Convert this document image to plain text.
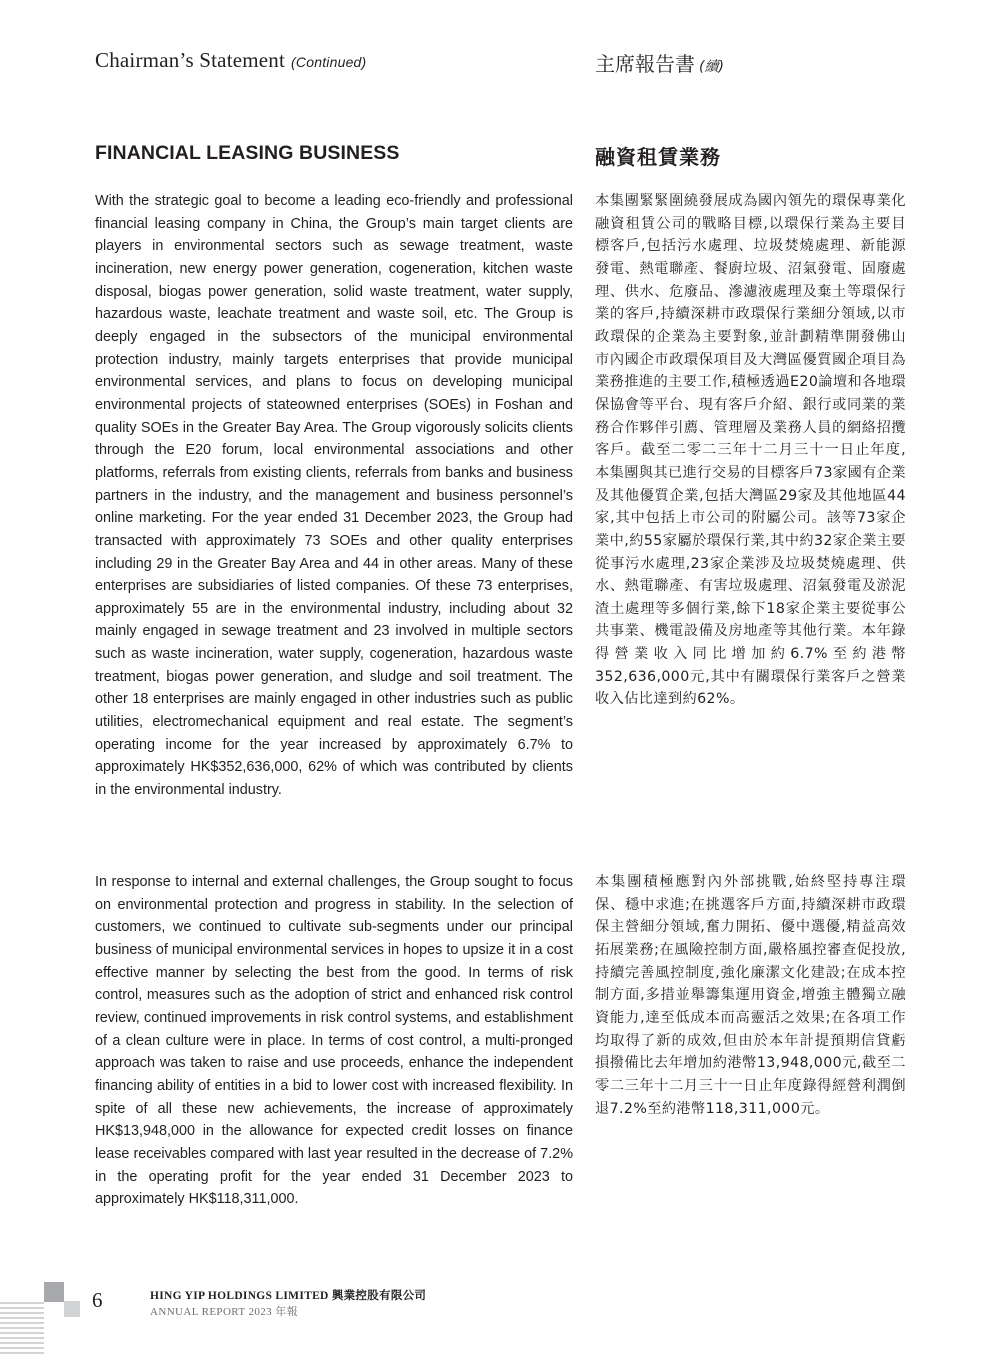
Chairman’s Statement (Continued)	主席報告書 (續)
FINANCIAL LEASING BUSINESS	融資租賃業務

With the strategic goal to become a leading eco-friendly and professional financial leasing company in China, the Group’s main target clients are players in environmental sectors such as sewage treatment, waste incineration, new energy power generation, cogeneration, kitchen waste disposal, biogas power generation, solid waste treatment, water supply, hazardous waste, leachate treatment and waste soil, etc. The Group is deeply engaged in the subsectors of the municipal environmental protection industry, mainly targets enterprises that provide municipal environmental services, and plans to focus on developing municipal environmental projects of stateowned enterprises (SOEs) in Foshan and quality SOEs in the Greater Bay Area. The Group vigorously solicits clients through the E20 forum, local environmental associations and other platforms, referrals from existing clients, referrals from banks and business partners in the industry, and the management and business personnel’s online marketing. For the year ended 31 December 2023, the Group had transacted with approximately 73 SOEs and other quality enterprises including 29 in the Greater Bay Area and 44 in other areas. Many of these enterprises are subsidiaries of listed companies. Of these 73 enterprises, approximately 55 are in the environmental industry, including about 32 mainly engaged in sewage treatment and 23 involved in multiple sectors such as waste incineration, water supply, cogeneration, hazardous waste treatment, biogas power generation, and sludge and soil treatment. The other 18 enterprises are mainly engaged in other industries such as public utilities, electromechanical equipment and real estate. The segment’s operating income for the year increased by approximately 6.7% to approximately HK$352,636,000, 62% of which was contributed by clients in the environmental industry.

In response to internal and external challenges, the Group sought to focus on environmental protection and progress in stability. In the selection of customers, we continued to cultivate sub-segments under our principal business of municipal environmental services in hopes to upsize it in a cost effective manner by selecting the best from the good. In terms of risk control, measures such as the adoption of strict and enhanced risk control review, continued improvements in risk control systems, and establishment of a clean culture were in place. In terms of cost control, a multi-pronged approach was taken to raise and use proceeds, enhance the independent financing ability of entities in a bid to lower cost with increased flexibility. In spite of all these new achievements, the increase of approximately HK$13,948,000 in the allowance for expected credit losses on finance lease receivables compared with last year resulted in the decrease of 7.2% in the operating profit for the year ended 31 December 2023 to approximately HK$118,311,000.

本集團緊緊圍繞發展成為國內領先的環保專業化融資租賃公司的戰略目標,以環保行業為主要目標客戶,包括污水處理、垃圾焚燒處理、新能源發電、熱電聯產、餐廚垃圾、沼氣發電、固廢處理、供水、危廢品、滲濾液處理及棄土等環保行業的客戶,持續深耕市政環保行業細分領域,以市政環保的企業為主要對象,並計劃精準開發佛山市內國企市政環保項目及大灣區優質國企項目為業務推進的主要工作,積極透過E20論壇和各地環保協會等平台、現有客戶介紹、銀行或同業的業務合作夥伴引薦、管理層及業務人員的網絡招攬客戶。截至二零二三年十二月三十一日止年度,本集團與其已進行交易的目標客戶73家國有企業及其他優質企業,包括大灣區29家及其他地區44家,其中包括上市公司的附屬公司。該等73家企業中,約55家屬於環保行業,其中約32家企業主要從事污水處理,23家企業涉及垃圾焚燒處理、供水、熱電聯產、有害垃圾處理、沼氣發電及淤泥渣土處理等多個行業,餘下18家企業主要從事公共事業、機電設備及房地產等其他行業。本年錄得營業收入同比增加約6.7%至約港幣352,636,000元,其中有關環保行業客戶之營業收入佔比達到約62%。

本集團積極應對內外部挑戰,始終堅持專注環保、穩中求進;在挑選客戶方面,持續深耕市政環保主營細分領域,奮力開拓、優中選優,精益高效拓展業務;在風險控制方面,嚴格風控審查促投放,持續完善風控制度,強化廉潔文化建設;在成本控制方面,多措並舉籌集運用資金,增強主體獨立融資能力,達至低成本而高靈活之效果;在各項工作均取得了新的成效,但由於本年計提預期信貸虧損撥備比去年增加約港幣13,948,000元,截至二零二三年十二月三十一日止年度錄得經營利潤倒退7.2%至約港幣118,311,000元。

6	HING YIP HOLDINGS LIMITED 興業控股有限公司
ANNUAL REPORT 2023 年報
